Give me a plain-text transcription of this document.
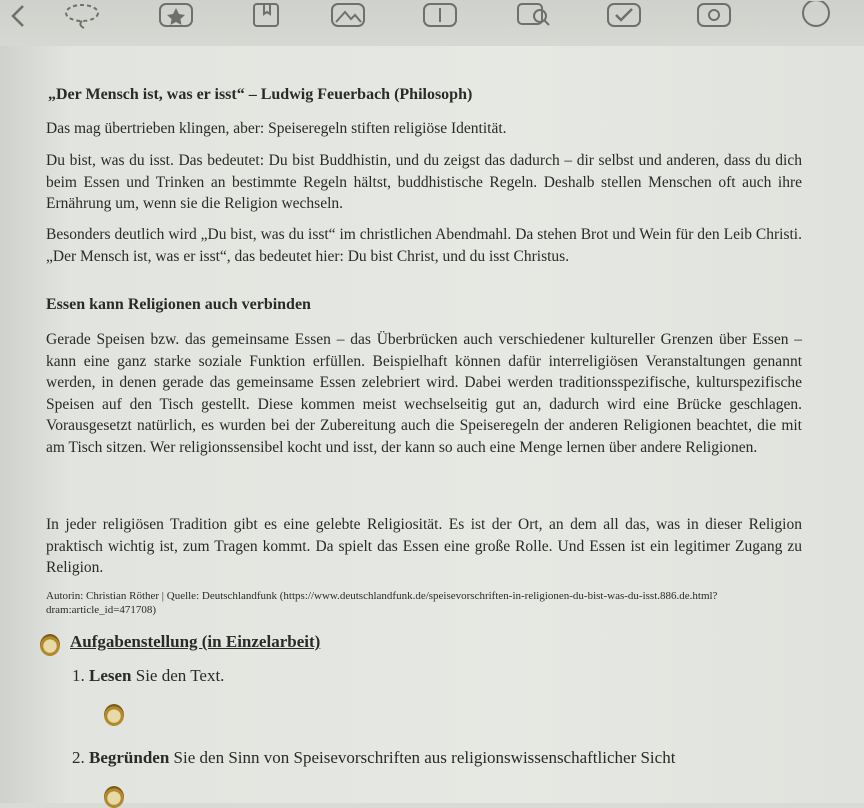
„Der Mensch ist, was er isst“ – Ludwig Feuerbach (Philosoph)
Das mag übertrieben klingen, aber: Speiseregeln stiften religiöse Identität.
Du bist, was du isst. Das bedeutet: Du bist Buddhistin, und du zeigst das dadurch – dir selbst und anderen, dass du dich beim Essen und Trinken an bestimmte Regeln hältst, buddhistische Regeln. Deshalb stellen Menschen oft auch ihre Ernährung um, wenn sie die Religion wechseln.
Besonders deutlich wird „Du bist, was du isst“ im christlichen Abendmahl. Da stehen Brot und Wein für den Leib Christi. „Der Mensch ist, was er isst“, das bedeutet hier: Du bist Christ, und du isst Christus.
Essen kann Religionen auch verbinden
Gerade Speisen bzw. das gemeinsame Essen – das Überbrücken auch verschiedener kultureller Grenzen über Essen – kann eine ganz starke soziale Funktion erfüllen. Beispielhaft können dafür interreligiösen Veranstaltungen genannt werden, in denen gerade das gemeinsame Essen zelebriert wird. Dabei werden traditionsspezifische, kulturspezifische Speisen auf den Tisch gestellt. Diese kommen meist wechselseitig gut an, dadurch wird eine Brücke geschlagen. Vorausgesetzt natürlich, es wurden bei der Zubereitung auch die Speiseregeln der anderen Religionen beachtet, die mit am Tisch sitzen. Wer religionssensibel kocht und isst, der kann so auch eine Menge lernen über andere Religionen.
In jeder religiösen Tradition gibt es eine gelebte Religiosität. Es ist der Ort, an dem all das, was in dieser Religion praktisch wichtig ist, zum Tragen kommt. Da spielt das Essen eine große Rolle. Und Essen ist ein legitimer Zugang zu Religion.
Autorin: Christian Röther | Quelle: Deutschlandfunk (https://www.deutschlandfunk.de/speisevorschriften-in-religionen-du-bist-was-du-isst.886.de.html?dram:article_id=471708)
Aufgabenstellung (in Einzelarbeit)
1. Lesen Sie den Text.
2. Begründen Sie den Sinn von Speisevorschriften aus religionswissenschaftlicher Sicht
